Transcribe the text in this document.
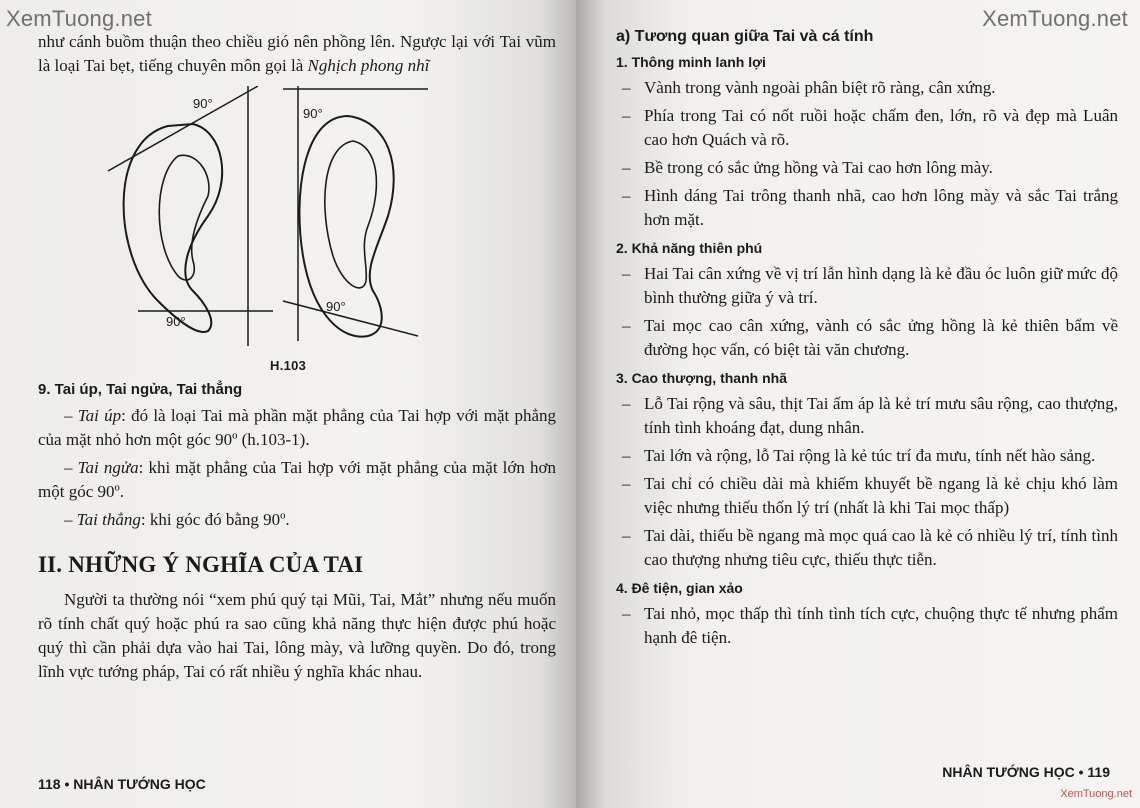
XemTuong.net

như cánh buồm thuận theo chiều gió nên phồng lên. Ngược lại với Tai vũm là loại Tai bẹt, tiếng chuyên môn gọi là Nghịch phong nhĩ

90°
90°
90°
90°
H.103
9. Tai úp, Tai ngửa, Tai thẳng

– Tai úp: đó là loại Tai mà phần mặt phẳng của Tai hợp với mặt phẳng của mặt nhỏ hơn một góc 90º (h.103-1).

– Tai ngửa: khi mặt phẳng của Tai hợp với mặt phẳng của mặt lớn hơn một góc 90º.

– Tai thẳng: khi góc đó bằng 90º.

II. NHỮNG Ý NGHĨA CỦA TAI

Người ta thường nói “xem phú quý tại Mũi, Tai, Mắt” nhưng nếu muốn rõ tính chất quý hoặc phú ra sao cũng khả năng thực hiện được phú hoặc quý thì cần phải dựa vào hai Tai, lông mày, và lưỡng quyền. Do đó, trong lĩnh vực tướng pháp, Tai có rất nhiều ý nghĩa khác nhau.

118 • NHÂN TƯỚNG HỌC
XemTuong.net
a) Tương quan giữa Tai và cá tính
1. Thông minh lanh lợi
– Vành trong vành ngoài phân biệt rõ ràng, cân xứng.
– Phía trong Tai có nốt ruồi hoặc chấm đen, lớn, rõ và đẹp mà Luân cao hơn Quách và rõ.
– Bề trong có sắc ửng hồng và Tai cao hơn lông mày.
– Hình dáng Tai trông thanh nhã, cao hơn lông mày và sắc Tai trắng hơn mặt.
2. Khả năng thiên phú
– Hai Tai cân xứng về vị trí lẫn hình dạng là kẻ đầu óc luôn giữ mức độ bình thường giữa ý và trí.
– Tai mọc cao cân xứng, vành có sắc ửng hồng là kẻ thiên bẩm về đường học vấn, có biệt tài văn chương.
3. Cao thượng, thanh nhã
– Lỗ Tai rộng và sâu, thịt Tai ấm áp là kẻ trí mưu sâu rộng, cao thượng, tính tình khoáng đạt, dung nhân.
– Tai lớn và rộng, lỗ Tai rộng là kẻ túc trí đa mưu, tính nết hào sảng.
– Tai chỉ có chiều dài mà khiếm khuyết bề ngang là kẻ chịu khó làm việc nhưng thiếu thốn lý trí (nhất là khi Tai mọc thấp)
– Tai dài, thiếu bề ngang mà mọc quá cao là kẻ có nhiều lý trí, tính tình cao thượng nhưng tiêu cực, thiếu thực tiễn.
4. Đê tiện, gian xảo
– Tai nhỏ, mọc thấp thì tính tình tích cực, chuộng thực tế nhưng phẩm hạnh đê tiện.
NHÂN TƯỚNG HỌC • 119
XemTuong.net
